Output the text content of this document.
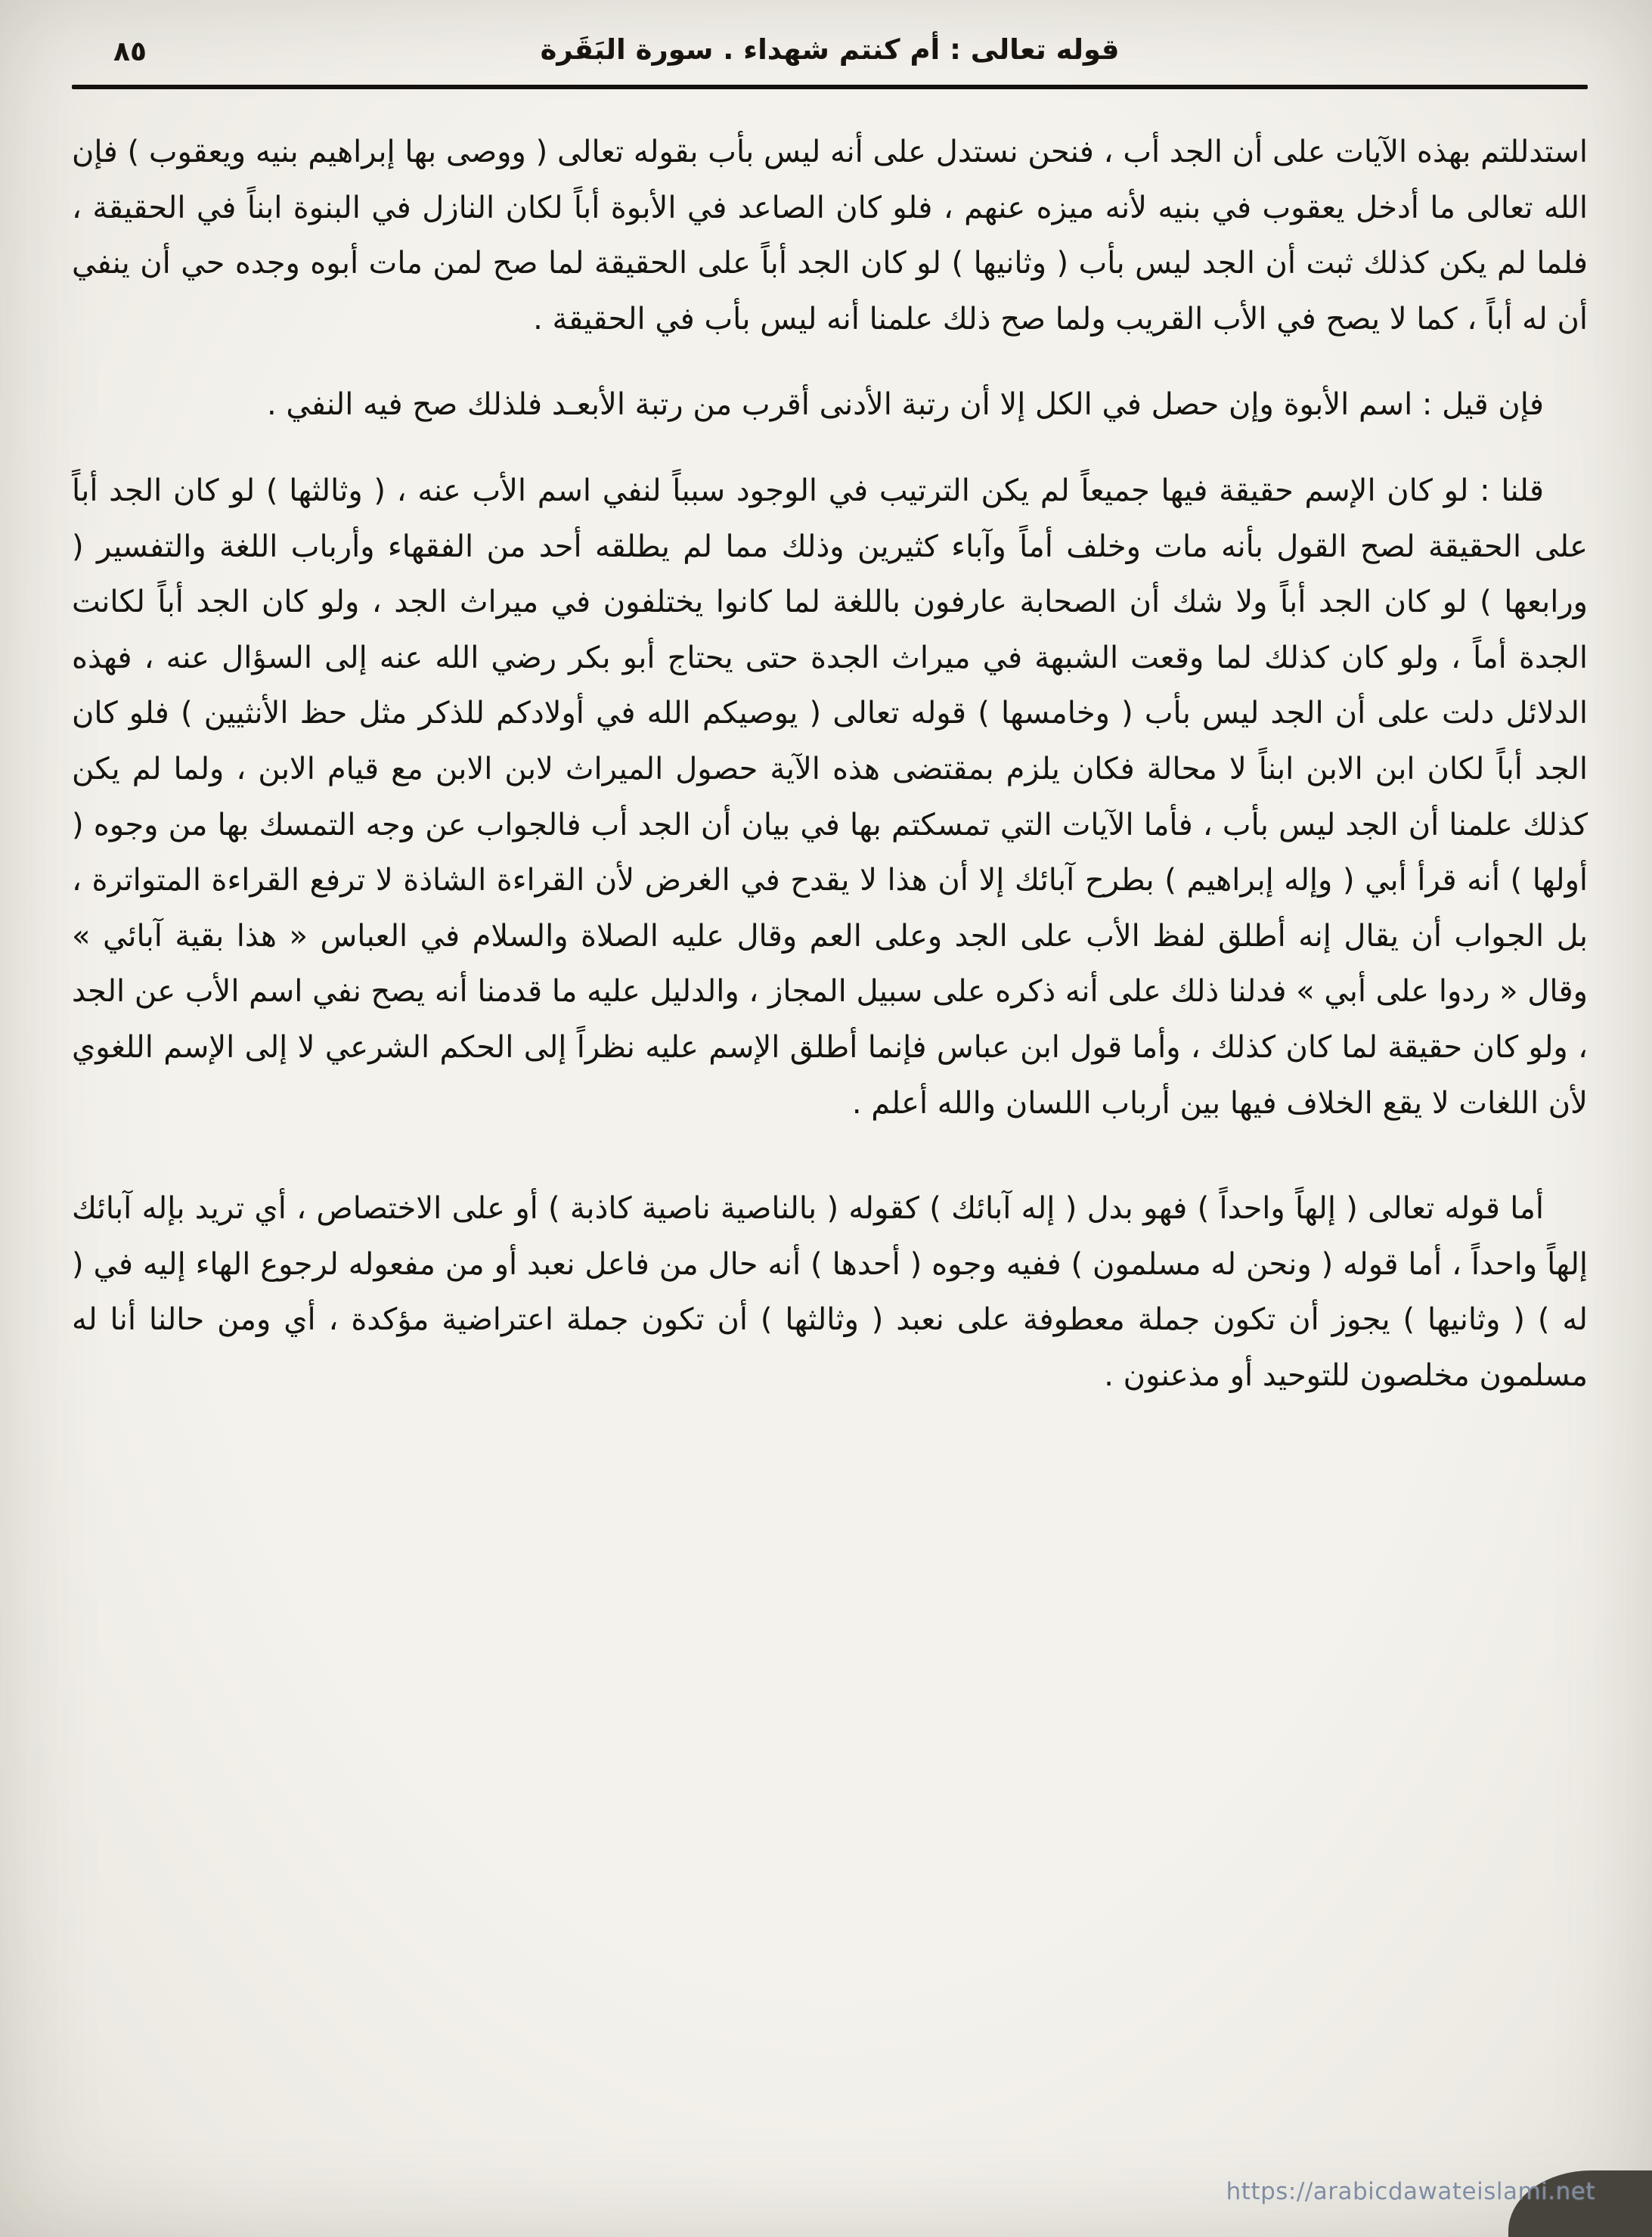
٨٥	قوله تعالى : أم كنتم شهداء . سورة البَقَرة

استدللتم بهذه الآيات على أن الجد أب ، فنحن نستدل على أنه ليس بأب بقوله تعالى ( ووصى بها إبراهيم بنيه ويعقوب ) فإن الله تعالى ما أدخل يعقوب في بنيه لأنه ميزه عنهم ، فلو كان الصاعد في الأبوة أباً لكان النازل في البنوة ابناً في الحقيقة ، فلما لم يكن كذلك ثبت أن الجد ليس بأب ( وثانيها ) لو كان الجد أباً على الحقيقة لما صح لمن مات أبوه وجده حي أن ينفي أن له أباً ، كما لا يصح في الأب القريب ولما صح ذلك علمنا أنه ليس بأب في الحقيقة .

فإن قيل : اسم الأبوة وإن حصل في الكل إلا أن رتبة الأدنى أقرب من رتبة الأبعـد فلذلك صح فيه النفي .

قلنا : لو كان الإسم حقيقة فيها جميعاً لم يكن الترتيب في الوجود سبباً لنفي اسم الأب عنه ، ( وثالثها ) لو كان الجد أباً على الحقيقة لصح القول بأنه مات وخلف أماً وآباء كثيرين وذلك مما لم يطلقه أحد من الفقهاء وأرباب اللغة والتفسير ( ورابعها ) لو كان الجد أباً ولا شك أن الصحابة عارفون باللغة لما كانوا يختلفون في ميراث الجد ، ولو كان الجد أباً لكانت الجدة أماً ، ولو كان كذلك لما وقعت الشبهة في ميراث الجدة حتى يحتاج أبو بكر رضي الله عنه إلى السؤال عنه ، فهذه الدلائل دلت على أن الجد ليس بأب ( وخامسها ) قوله تعالى ( يوصيكم الله في أولادكم للذكر مثل حظ الأنثيين ) فلو كان الجد أباً لكان ابن الابن ابناً لا محالة فكان يلزم بمقتضى هذه الآية حصول الميراث لابن الابن مع قيام الابن ، ولما لم يكن كذلك علمنا أن الجد ليس بأب ، فأما الآيات التي تمسكتم بها في بيان أن الجد أب فالجواب عن وجه التمسك بها من وجوه ( أولها ) أنه قرأ أبي ( وإله إبراهيم ) بطرح آبائك إلا أن هذا لا يقدح في الغرض لأن القراءة الشاذة لا ترفع القراءة المتواترة ، بل الجواب أن يقال إنه أطلق لفظ الأب على الجد وعلى العم وقال عليه الصلاة والسلام في العباس « هذا بقية آبائي » وقال « ردوا على أبي » فدلنا ذلك على أنه ذكره على سبيل المجاز ، والدليل عليه ما قدمنا أنه يصح نفي اسم الأب عن الجد ، ولو كان حقيقة لما كان كذلك ، وأما قول ابن عباس فإنما أطلق الإسم عليه نظراً إلى الحكم الشرعي لا إلى الإسم اللغوي لأن اللغات لا يقع الخلاف فيها بين أرباب اللسان والله أعلم .

أما قوله تعالى ( إلهاً واحداً ) فهو بدل ( إله آبائك ) كقوله ( بالناصية ناصية كاذبة ) أو على الاختصاص ، أي تريد بإله آبائك إلهاً واحداً ، أما قوله ( ونحن له مسلمون ) ففيه وجوه ( أحدها ) أنه حال من فاعل نعبد أو من مفعوله لرجوع الهاء إليه في ( له ) ( وثانيها ) يجوز أن تكون جملة معطوفة على نعبد ( وثالثها ) أن تكون جملة اعتراضية مؤكدة ، أي ومن حالنا أنا له مسلمون مخلصون للتوحيد أو مذعنون .

https://arabicdawateislami.net
